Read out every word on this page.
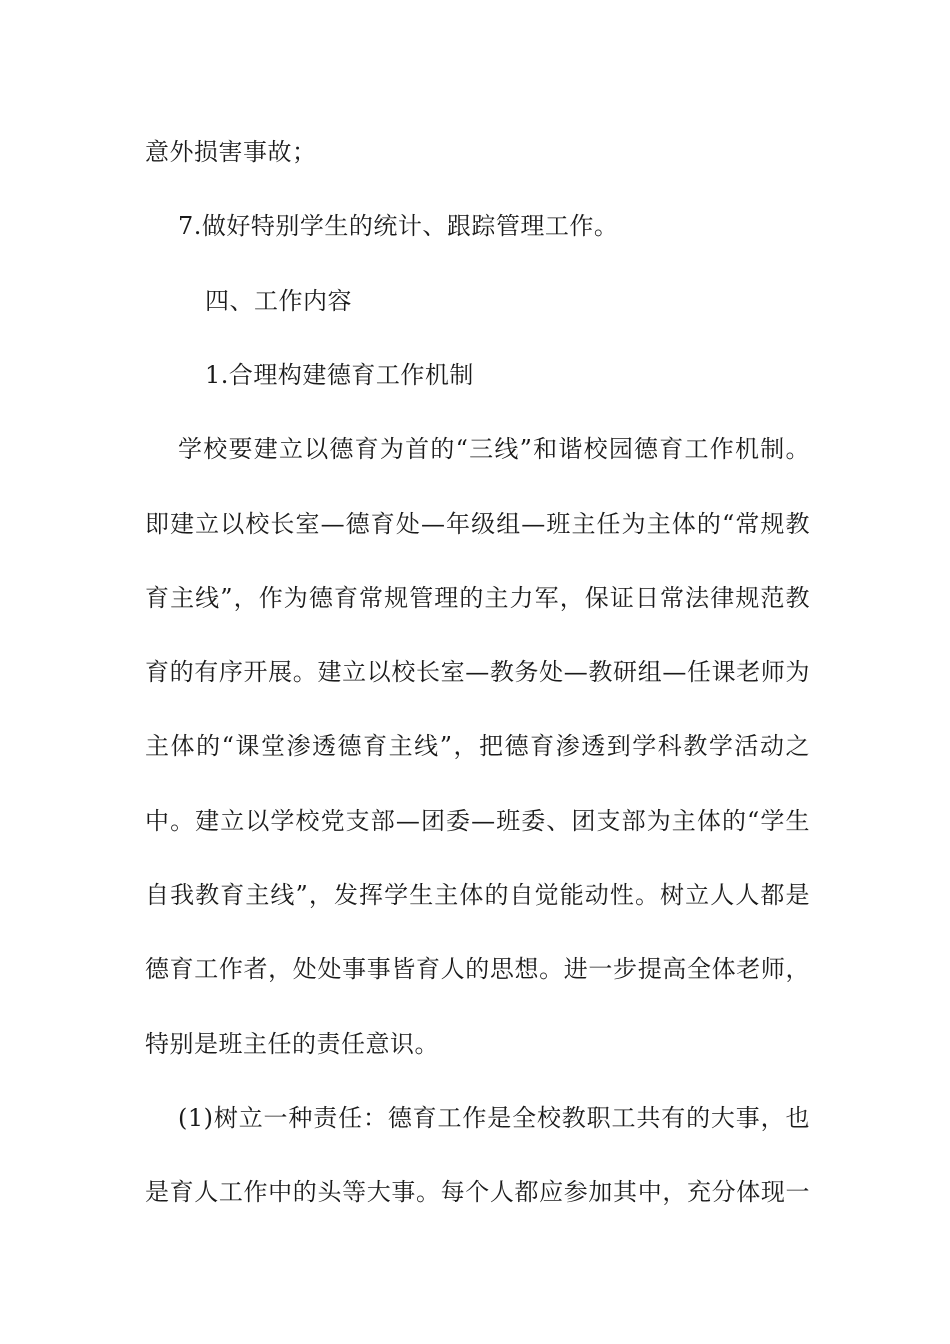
意外损害事故；
7.做好特别学生的统计、跟踪管理工作。
四、工作内容
1.合理构建德育工作机制
学校要建立以德育为首的“三线”和谐校园德育工作机制。
即建立以校长室—德育处—年级组—班主任为主体的“常规教
育主线”，作为德育常规管理的主力军，保证日常法律规范教
育的有序开展。建立以校长室—教务处—教研组—任课老师为
主体的“课堂渗透德育主线”，把德育渗透到学科教学活动之
中。建立以学校党支部—团委—班委、团支部为主体的“学生
自我教育主线”，发挥学生主体的自觉能动性。树立人人都是
德育工作者，处处事事皆育人的思想。进一步提高全体老师，
特别是班主任的责任意识。
(1)树立一种责任：德育工作是全校教职工共有的大事，也
是育人工作中的头等大事。每个人都应参加其中，充分体现一
